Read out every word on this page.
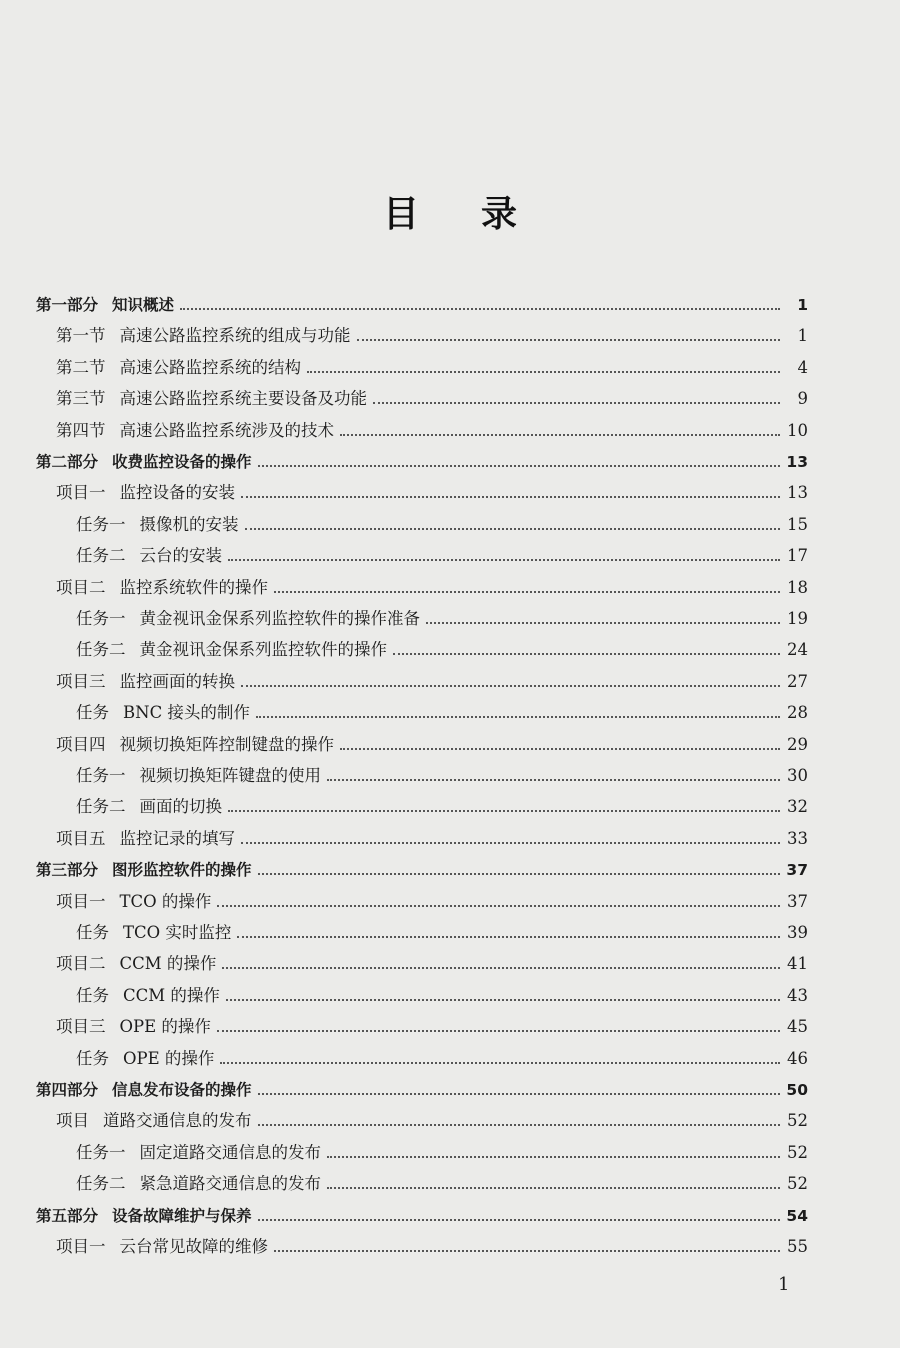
目录
第一部分 知识概述	1
第一节 高速公路监控系统的组成与功能	1
第二节 高速公路监控系统的结构	4
第三节 高速公路监控系统主要设备及功能	9
第四节 高速公路监控系统涉及的技术	10
第二部分 收费监控设备的操作	13
项目一 监控设备的安装	13
任务一 摄像机的安装	15
任务二 云台的安装	17
项目二 监控系统软件的操作	18
任务一 黄金视讯金保系列监控软件的操作准备	19
任务二 黄金视讯金保系列监控软件的操作	24
项目三 监控画面的转换	27
任务 BNC 接头的制作	28
项目四 视频切换矩阵控制键盘的操作	29
任务一 视频切换矩阵键盘的使用	30
任务二 画面的切换	32
项目五 监控记录的填写	33
第三部分 图形监控软件的操作	37
项目一 TCO 的操作	37
任务 TCO 实时监控	39
项目二 CCM 的操作	41
任务 CCM 的操作	43
项目三 OPE 的操作	45
任务 OPE 的操作	46
第四部分 信息发布设备的操作	50
项目 道路交通信息的发布	52
任务一 固定道路交通信息的发布	52
任务二 紧急道路交通信息的发布	52
第五部分 设备故障维护与保养	54
项目一 云台常见故障的维修	55
1
